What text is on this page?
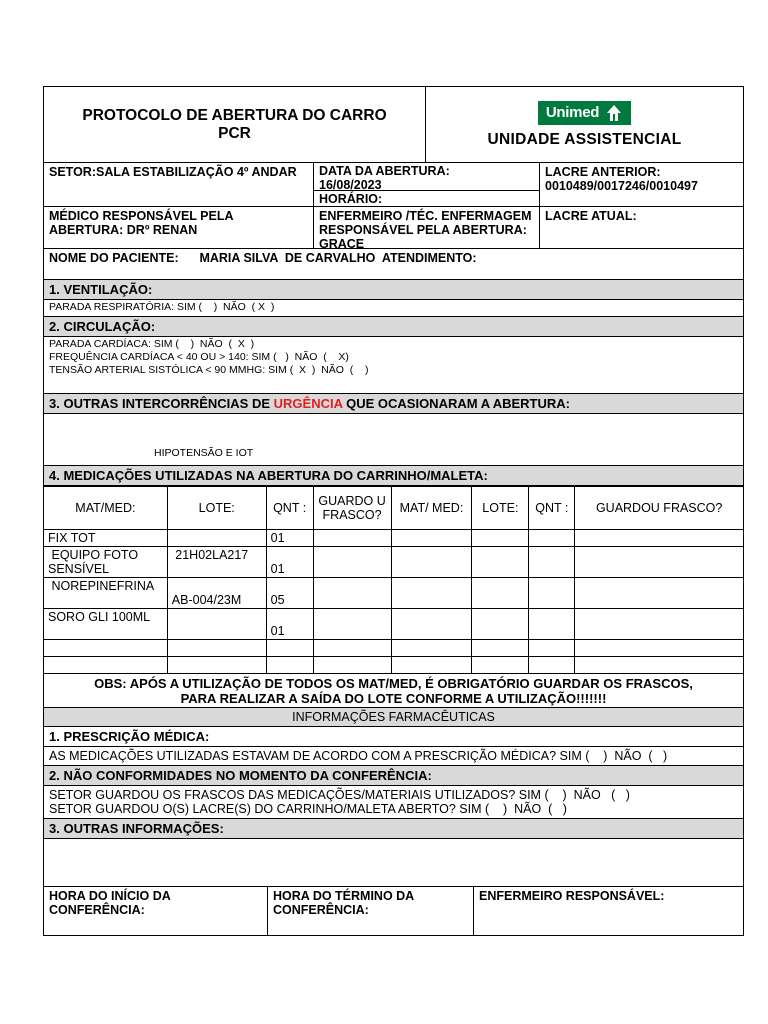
PROTOCOLO DE ABERTURA DO CARRO
PCR
Unimed
UNIDADE ASSISTENCIAL
SETOR:SALA ESTABILIZAÇÃO 4º ANDAR	DATA DA ABERTURA:
16/08/2023
HORÁRIO:
LACRE ANTERIOR:
0010489/0017246/0010497
MÉDICO RESPONSÁVEL PELA ABERTURA: DRº RENAN
ENFERMEIRO /TÉC. ENFERMAGEM RESPONSÁVEL PELA ABERTURA: GRACE
LACRE ATUAL:
NOME DO PACIENTE:      MARIA SILVA  DE CARVALHO  ATENDIMENTO:
1. VENTILAÇÃO:
PARADA RESPIRATÓRIA: SIM (    )  NÃO  ( X  )
2. CIRCULAÇÃO:
PARADA CARDÍACA: SIM (    )  NÃO  (  X  )
FREQUÊNCIA CARDÍACA < 40 OU > 140: SIM (   )  NÃO  (    X)
TENSÃO ARTERIAL SISTÓLICA < 90 MMHG: SIM (  X  )  NÃO  (    )
3. OUTRAS INTERCORRÊNCIAS DE URGÊNCIA QUE OCASIONARAM A ABERTURA:
HIPOTENSÃO E IOT
4. MEDICAÇÕES UTILIZADAS NA ABERTURA DO CARRINHO/MALETA:
MAT/MED:	LOTE:	QNT :	GUARDO U FRASCO?	MAT/ MED:	LOTE:	QNT :	GUARDOU FRASCO?
FIX TOT		01					
EQUIPO FOTO SENSÍVEL	21H02LA217	01					
NOREPINEFRINA	AB-004/23M	05					
SORO GLI 100ML		01					

OBS: APÓS A UTILIZAÇÃO DE TODOS OS MAT/MED, É OBRIGATÓRIO GUARDAR OS FRASCOS,
PARA REALIZAR A SAÍDA DO LOTE CONFORME A UTILIZAÇÃO!!!!!!!
INFORMAÇÕES FARMACÊUTICAS
1. PRESCRIÇÃO MÉDICA:
AS MEDICAÇÕES UTILIZADAS ESTAVAM DE ACORDO COM A PRESCRIÇÃO MÉDICA? SIM (    )  NÃO  (   )
2. NÃO CONFORMIDADES NO MOMENTO DA CONFERÊNCIA:
SETOR GUARDOU OS FRASCOS DAS MEDICAÇÕES/MATERIAIS UTILIZADOS? SIM (    )  NÃO   (   )
SETOR GUARDOU O(S) LACRE(S) DO CARRINHO/MALETA ABERTO? SIM (    )  NÃO  (   )
3. OUTRAS INFORMAÇÕES:
HORA DO INÍCIO DA CONFERÊNCIA:
HORA DO TÉRMINO DA CONFERÊNCIA:
ENFERMEIRO RESPONSÁVEL:
